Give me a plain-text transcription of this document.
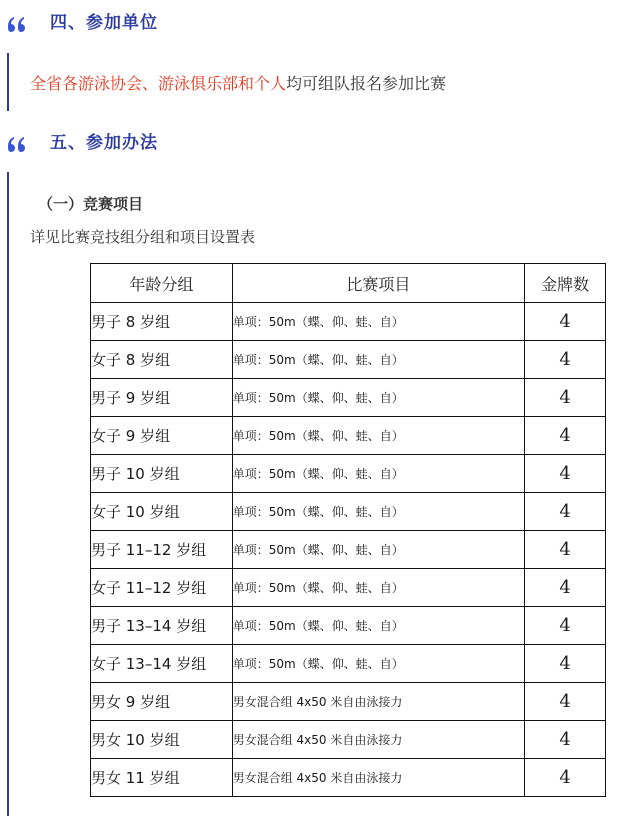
四、参加单位
全省各游泳协会、游泳俱乐部和个人均可组队报名参加比赛
五、参加办法
（一）竞赛项目
详见比赛竞技组分组和项目设置表
年龄分组	比赛项目	金牌数
男子 8 岁组	单项：50m（蝶、仰、蛙、自）	4
女子 8 岁组	单项：50m（蝶、仰、蛙、自）	4
男子 9 岁组	单项：50m（蝶、仰、蛙、自）	4
女子 9 岁组	单项：50m（蝶、仰、蛙、自）	4
男子 10 岁组	单项：50m（蝶、仰、蛙、自）	4
女子 10 岁组	单项：50m（蝶、仰、蛙、自）	4
男子 11–12 岁组	单项：50m（蝶、仰、蛙、自）	4
女子 11–12 岁组	单项：50m（蝶、仰、蛙、自）	4
男子 13–14 岁组	单项：50m（蝶、仰、蛙、自）	4
女子 13–14 岁组	单项：50m（蝶、仰、蛙、自）	4
男女 9 岁组	男女混合组 4x50 米自由泳接力	4
男女 10 岁组	男女混合组 4x50 米自由泳接力	4
男女 11 岁组	男女混合组 4x50 米自由泳接力	4
